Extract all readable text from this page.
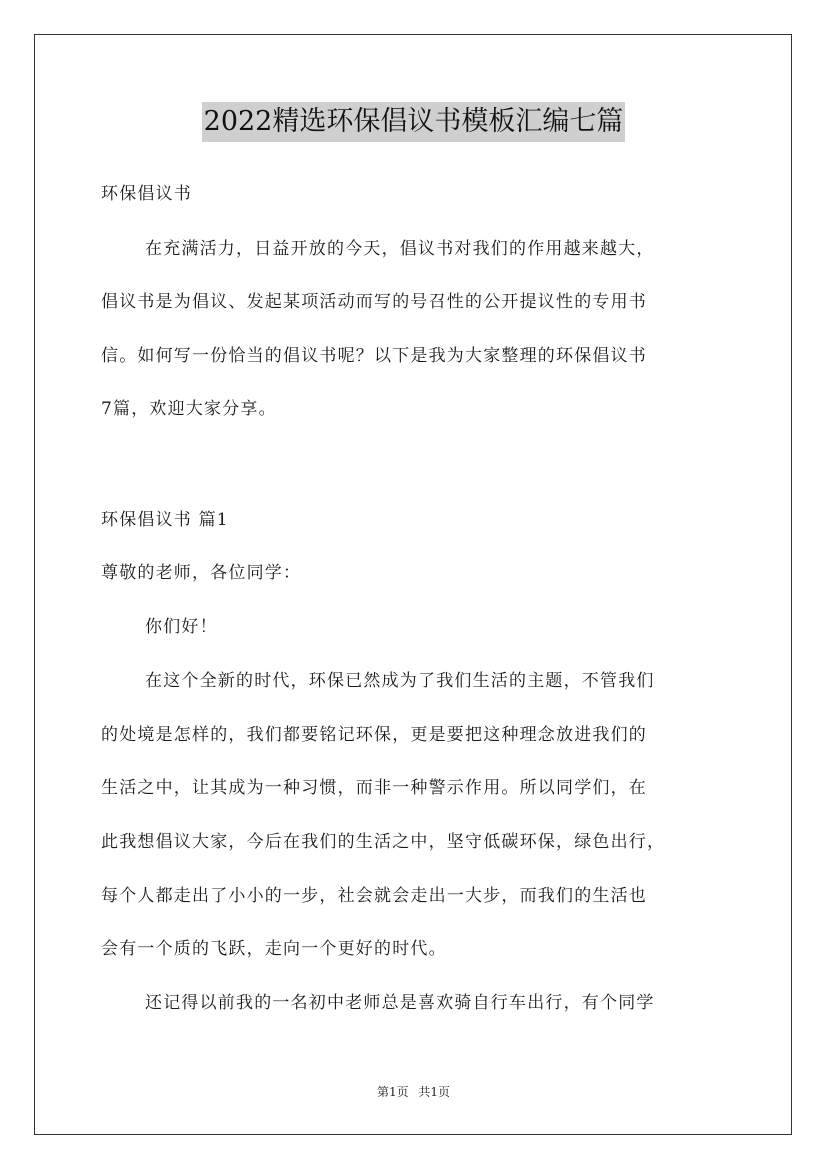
2022精选环保倡议书模板汇编七篇
环保倡议书
在充满活力，日益开放的今天，倡议书对我们的作用越来越大，
倡议书是为倡议、发起某项活动而写的号召性的公开提议性的专用书
信。如何写一份恰当的倡议书呢？以下是我为大家整理的环保倡议书
7篇，欢迎大家分享。
环保倡议书 篇1
尊敬的老师，各位同学：
你们好！
在这个全新的时代，环保已然成为了我们生活的主题，不管我们
的处境是怎样的，我们都要铭记环保，更是要把这种理念放进我们的
生活之中，让其成为一种习惯，而非一种警示作用。所以同学们，在
此我想倡议大家，今后在我们的生活之中，坚守低碳环保，绿色出行，
每个人都走出了小小的一步，社会就会走出一大步，而我们的生活也
会有一个质的飞跃，走向一个更好的时代。
还记得以前我的一名初中老师总是喜欢骑自行车出行，有个同学
第1页 共1页
